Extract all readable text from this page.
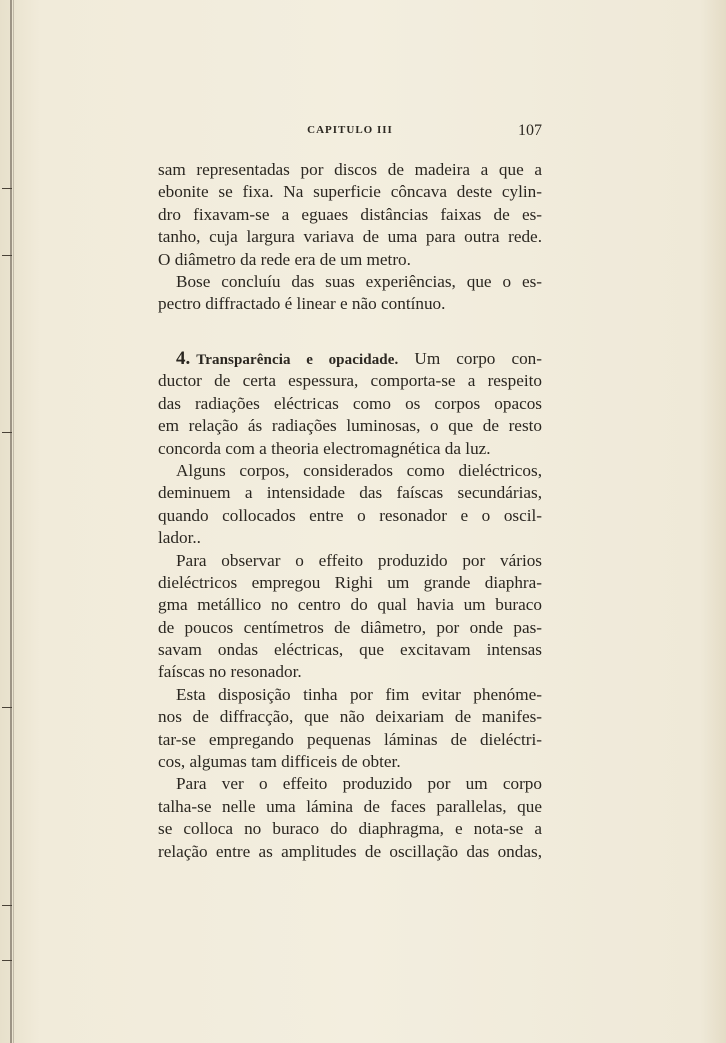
CAPITULO III	107
sam representadas por discos de madeira a que a
ebonite se fixa. Na superficie côncava deste cylin-
dro fixavam-se a eguaes distâncias faixas de es-
tanho, cuja largura variava de uma para outra rede.
O diâmetro da rede era de um metro.
Bose concluíu das suas experiências, que o es-
pectro diffractado é linear e não contínuo.
4. Transparência e opacidade. Um corpo con-
ductor de certa espessura, comporta-se a respeito
das radiações eléctricas como os corpos opacos
em relação ás radiações luminosas, o que de resto
concorda com a theoria electromagnética da luz.
Alguns corpos, considerados como dieléctricos,
deminuem a intensidade das faíscas secundárias,
quando collocados entre o resonador e o oscil-
lador..
Para observar o effeito produzido por vários
dieléctricos empregou Righi um grande diaphra-
gma metállico no centro do qual havia um buraco
de poucos centímetros de diâmetro, por onde pas-
savam ondas eléctricas, que excitavam intensas
faíscas no resonador.
Esta disposição tinha por fim evitar phenóme-
nos de diffracção, que não deixariam de manifes-
tar-se empregando pequenas láminas de dieléctri-
cos, algumas tam difficeis de obter.
Para ver o effeito produzido por um corpo
talha-se nelle uma lámina de faces parallelas, que
se colloca no buraco do diaphragma, e nota-se a
relação entre as amplitudes de oscillação das ondas,
